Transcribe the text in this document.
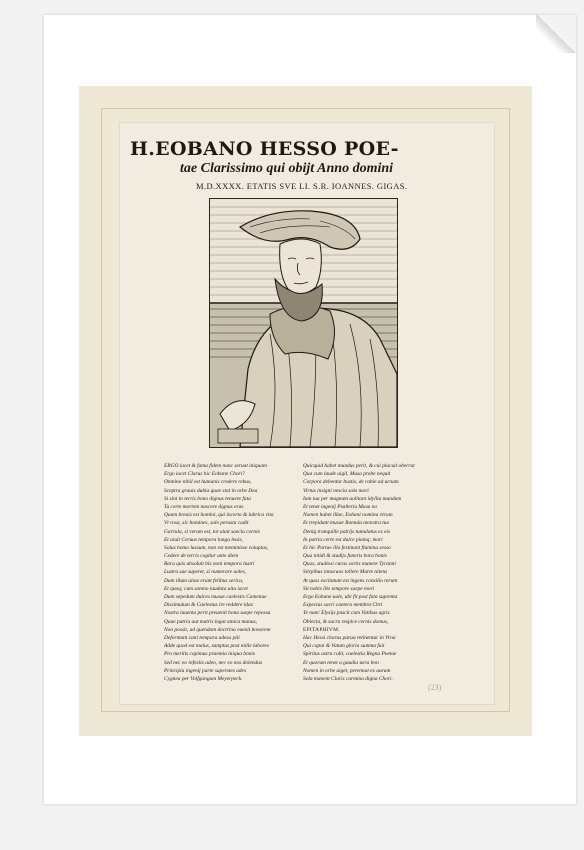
H.EOBANO HESSO POE-
tae Clarissimo qui obijt Anno domini
M.D.XXXX. ETATIS SVE LI. S.R. IOANNES. GIGAS.
ERGO iacet & fama fidem nunc seruat iniquam
Ergo iacet Clarus hic Eobane Chori?
Omnino nihil est humanis credere rebus,
Sceptra grauis dubia quae stat in orbe Dea
Si sint in terris bono dignus tenuere fata
Ta certe mortem nascere dignus eras
Quam breuis est homini, qui incerta & lubrica vita
Vt rosa, sic homines, sole perusta cadit
Garrula, si verum est, tot uiuit saecla cornix
Et uiuit Ceruus tempora longa leuis,
Solus homo lussum, non est meminisse voluptas,
Cedere de terris cogitur ante diem
Rara quis absoluit bis noni tempora lustri
Lustra sue superet, si numerare uoles,
Dum illum uitae erant felibus serica,
Et quoq; cum somno laudata uita iacet
Dum sepedum dulces musae caelestis Camenae
Dissimulum & Caelestus ire reddere idas
Nostra iuuenta perit preuenit bona saepe repossa
Quae patria aut matris legat amica manus,
Non possit, ad quendam doctrina euenit honorem
Deformant cani tempora adesa pili
Adde quod est malus, sumptus post mille labores
Pro meritis capimus praemia iniqua bonis
Sed nec eo infeslix adeo, nec eo nos dolendus
Principia ingenij parte superstes ades
Cygnea per Volfgangum Meyerpeck.
Quicquid habet mundus perit, & cui placuit oberrat
Qua cum laude uigil, Musa probe nequit
Corpora debentur bustis, de rabie ad urnam
Virtus insigni nescia sola mori
Iam tua per magnum uolitant idyllia mundum
Et tenet ingenij Psalteria Musa no
Nomen habet illae, Eobani nomina rerum
Et trepidant musae Romula monstra tuo
Denig tranquille patrijs tumulatus es eis
In patria certe est dulce piumq; mori
Et hic Portae illo festinant flumina sesso
Qua nitidi & studijs funeris bora bonis
Quos, studiosi curas sortis munere Tyranni
Stirpibus innocuos tollere Marte nitens
At quos excitatum est ingens consilio rerum
Sit nobis illo tempore saepe mori
Ergo Eobane uale, ubi fit post fata suprema
Expectas sacri caetera membra Chri
Te nunc Elysijs pascit cum Vatibus agris
Oblecta, & sacra respice cernis domus,
EPITAPHIVM.
Hac Hessi chorus parua retinentur in Vrna
Qui caput & Vatum gloria summa fuit
Spiritus astra colit, caelestia Regna Poetae
Et quorum tenet a gaudia uera bon
Nomen in orbe uiget, perennat ex aurum
Sola manent Claris carmina digna Chori.
(23)
